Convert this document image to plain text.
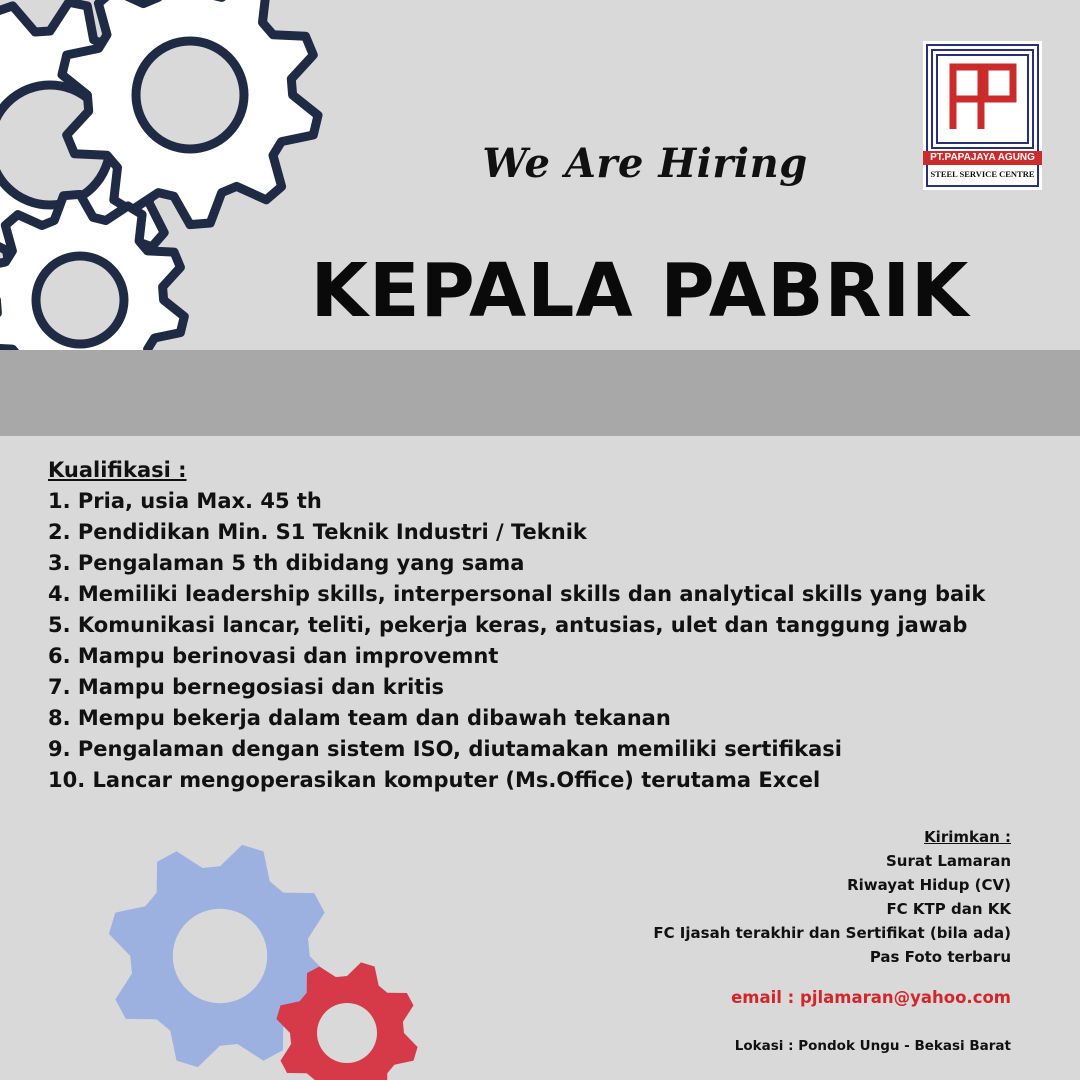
We Are Hiring
KEPALA PABRIK
PT.PAPAJAYA AGUNG
STEEL SERVICE CENTRE
Kualifikasi :
1. Pria, usia Max. 45 th
2. Pendidikan Min. S1 Teknik Industri / Teknik
3. Pengalaman 5 th dibidang yang sama
4. Memiliki leadership skills, interpersonal skills dan analytical skills yang baik
5. Komunikasi lancar, teliti, pekerja keras, antusias, ulet dan tanggung jawab
6. Mampu berinovasi dan improvemnt
7. Mampu bernegosiasi dan kritis
8. Mempu bekerja dalam team dan dibawah tekanan
9. Pengalaman dengan sistem ISO, diutamakan memiliki sertifikasi
10. Lancar mengoperasikan komputer (Ms.Office) terutama Excel
Kirimkan :
Surat Lamaran
Riwayat Hidup (CV)
FC KTP dan KK
FC Ijasah terakhir dan Sertifikat (bila ada)
Pas Foto terbaru
email : pjlamaran@yahoo.com
Lokasi : Pondok Ungu - Bekasi Barat
